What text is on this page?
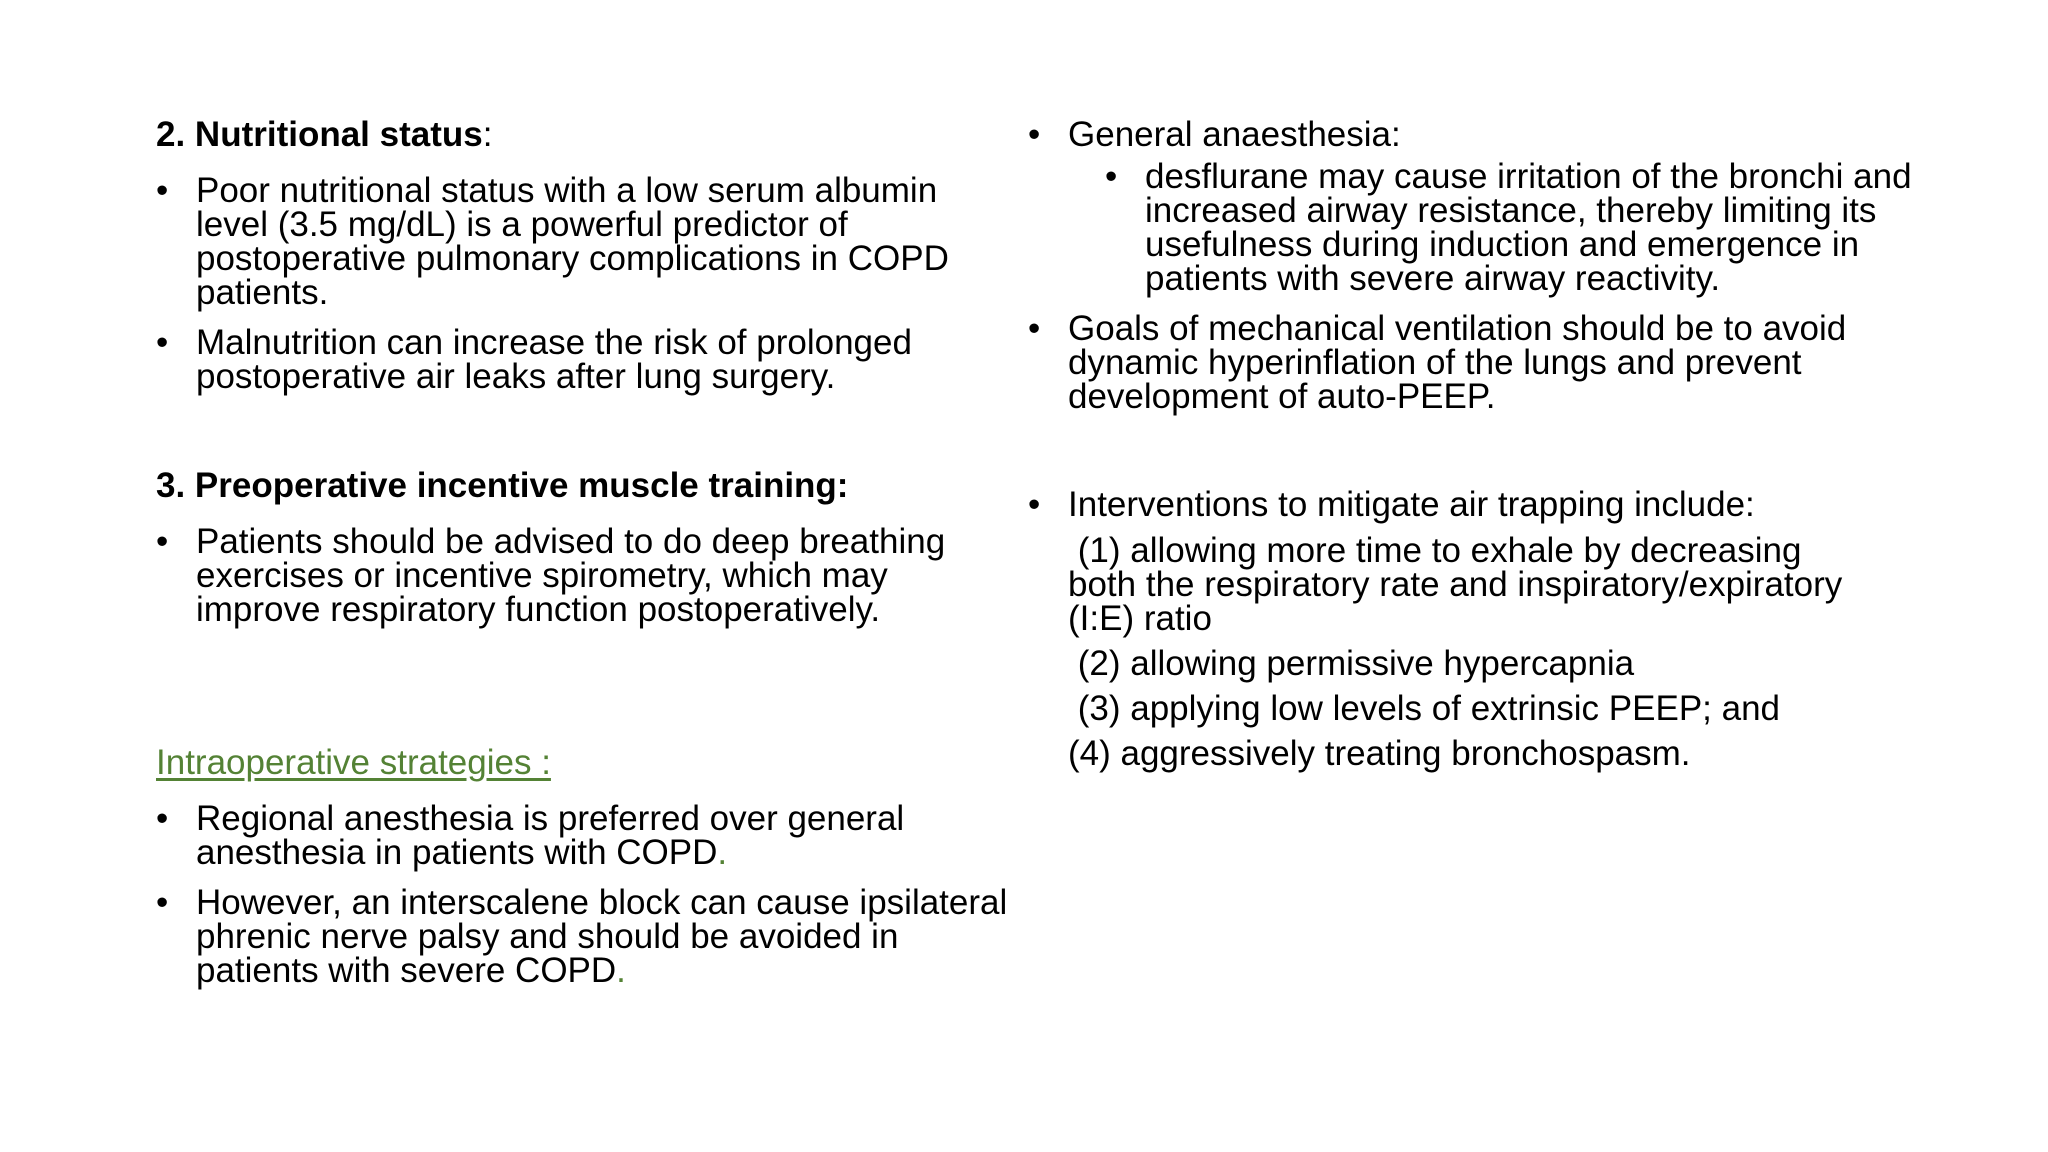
2. Nutritional status:

• Poor nutritional status with a low serum albumin level (3.5 mg/dL) is a powerful predictor of postoperative pulmonary complications in COPD patients.

• Malnutrition can increase the risk of prolonged postoperative air leaks after lung surgery.

3. Preoperative incentive muscle training:

• Patients should be advised to do deep breathing exercises or incentive spirometry, which may improve respiratory function postoperatively.

Intraoperative strategies :

• Regional anesthesia is preferred over general anesthesia in patients with COPD.

• However, an interscalene block can cause ipsilateral phrenic nerve palsy and should be avoided in patients with severe COPD.

• General anaesthesia:

• desflurane may cause irritation of the bronchi and increased airway resistance, thereby limiting its usefulness during induction and emergence in patients with severe airway reactivity.

• Goals of mechanical ventilation should be to avoid dynamic hyperinflation of the lungs and prevent development of auto-PEEP.

• Interventions to mitigate air trapping include:

(1) allowing more time to exhale by decreasing both the respiratory rate and inspiratory/expiratory (I:E) ratio

(2) allowing permissive hypercapnia

(3) applying low levels of extrinsic PEEP; and

(4) aggressively treating bronchospasm.
